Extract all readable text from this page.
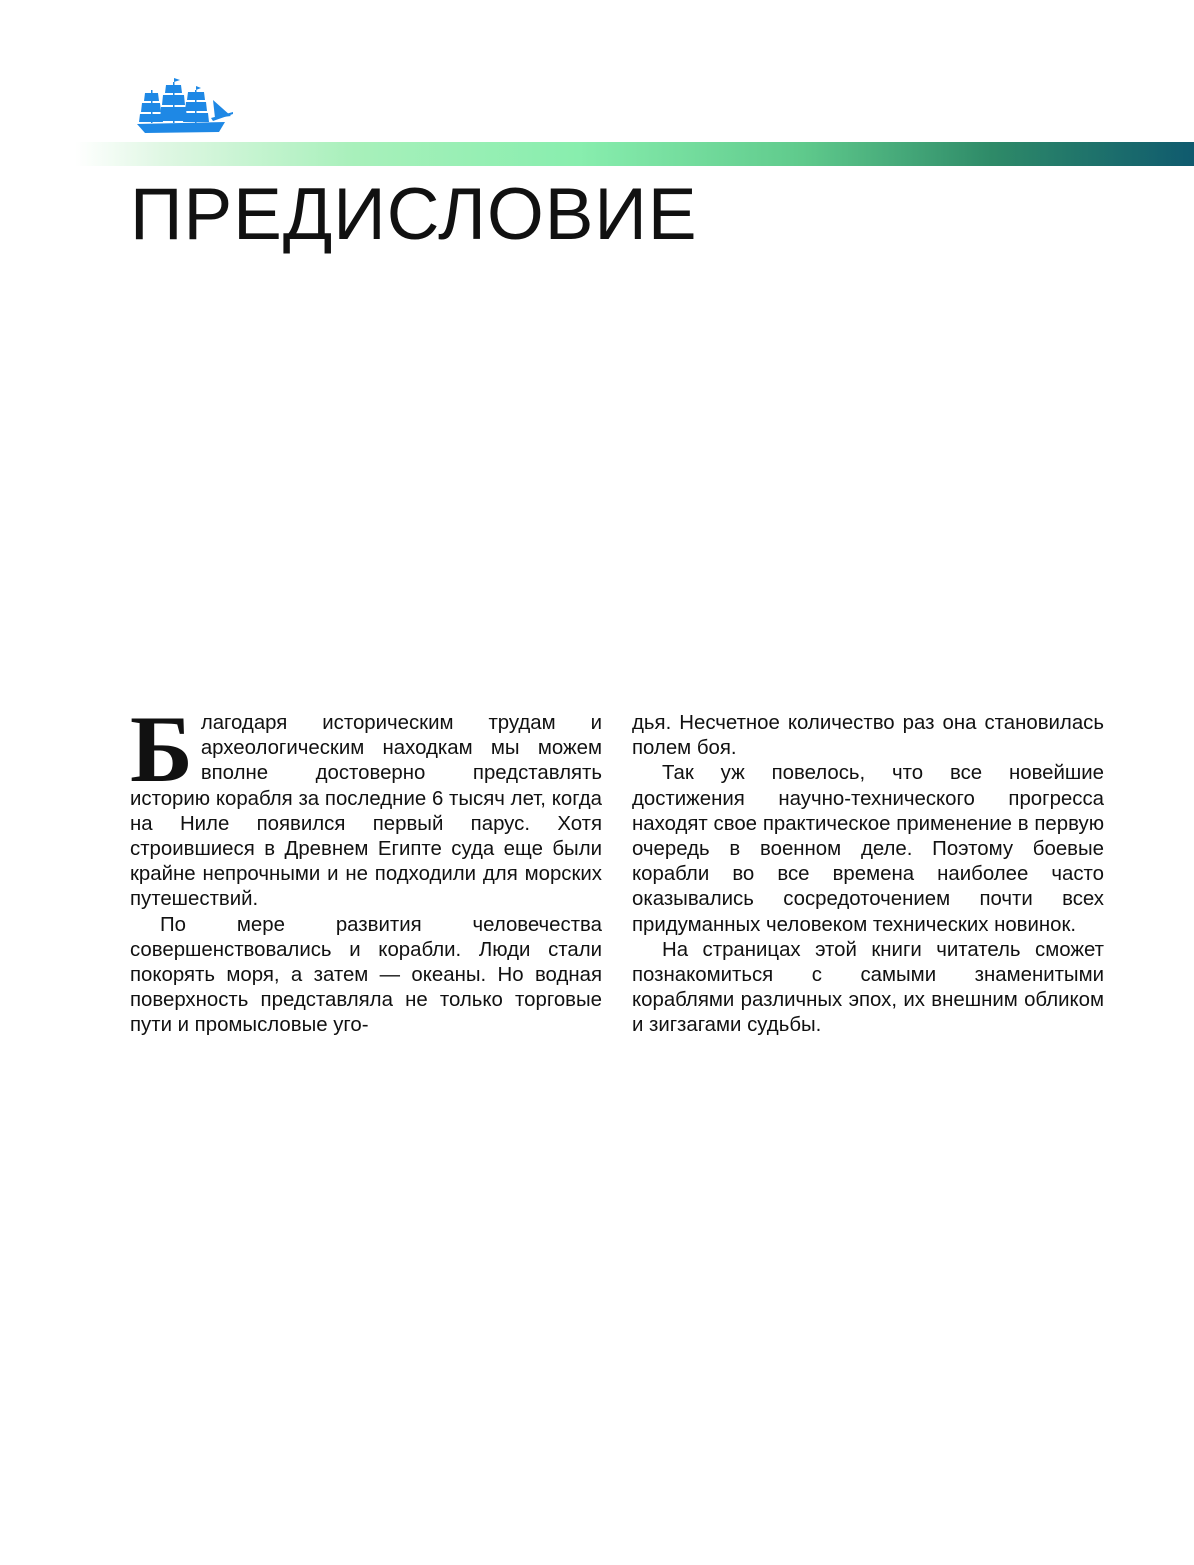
ПРЕДИСЛОВИЕ

Благодаря историческим трудам и археологическим находкам мы можем вполне достоверно представлять историю корабля за последние 6 тысяч лет, когда на Ниле появился первый парус. Хотя строившиеся в Древнем Египте суда еще были крайне непрочными и не подходили для морских путешествий.

По мере развития человечества совершенствовались и корабли. Люди стали покорять моря, а затем — океаны. Но водная поверхность представляла не только торговые пути и промысловые уго-

дья. Несчетное количество раз она становилась полем боя.

Так уж повелось, что все новейшие достижения научно-технического прогресса находят свое практическое применение в первую очередь в военном деле. Поэтому боевые корабли во все времена наиболее часто оказывались сосредоточением почти всех придуманных человеком технических новинок.

На страницах этой книги читатель сможет познакомиться с самыми знаменитыми кораблями различных эпох, их внешним обликом и зигзагами судьбы.
